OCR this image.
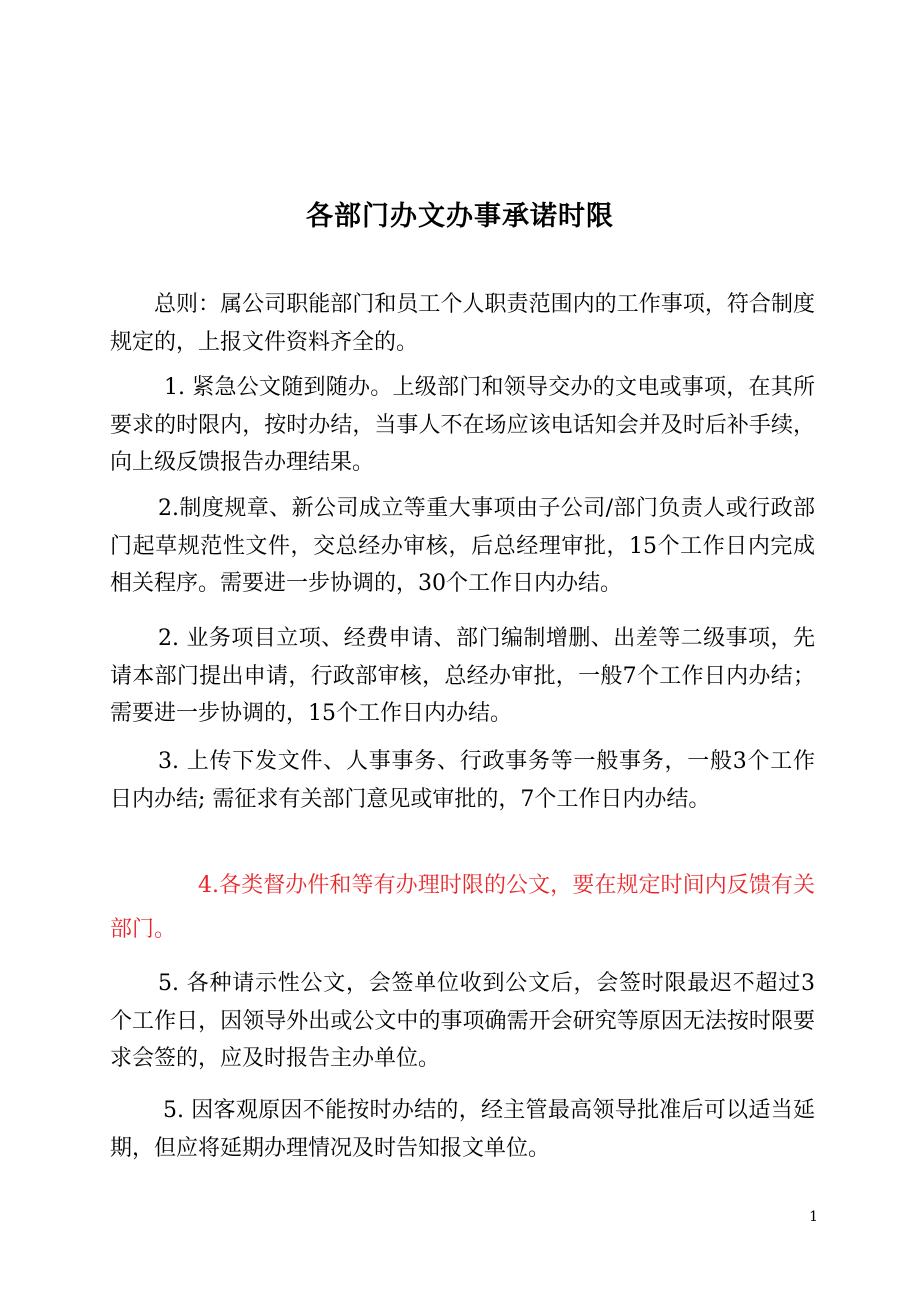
各部门办文办事承诺时限
总则：属公司职能部门和员工个人职责范围内的工作事项，符合制度规定的，上报文件资料齐全的。
1. 紧急公文随到随办。上级部门和领导交办的文电或事项，在其所要求的时限内，按时办结，当事人不在场应该电话知会并及时后补手续，向上级反馈报告办理结果。
2.制度规章、新公司成立等重大事项由子公司/部门负责人或行政部门起草规范性文件，交总经办审核，后总经理审批，15个工作日内完成相关程序。需要进一步协调的，30个工作日内办结。
2. 业务项目立项、经费申请、部门编制增删、出差等二级事项，先请本部门提出申请，行政部审核，总经办审批，一般7个工作日内办结；需要进一步协调的，15个工作日内办结。
3. 上传下发文件、人事事务、行政事务等一般事务，一般3个工作日内办结; 需征求有关部门意见或审批的，7个工作日内办结。
4.各类督办件和等有办理时限的公文，要在规定时间内反馈有关部门。
5. 各种请示性公文，会签单位收到公文后，会签时限最迟不超过3个工作日，因领导外出或公文中的事项确需开会研究等原因无法按时限要求会签的，应及时报告主办单位。
5. 因客观原因不能按时办结的，经主管最高领导批准后可以适当延期，但应将延期办理情况及时告知报文单位。
1
